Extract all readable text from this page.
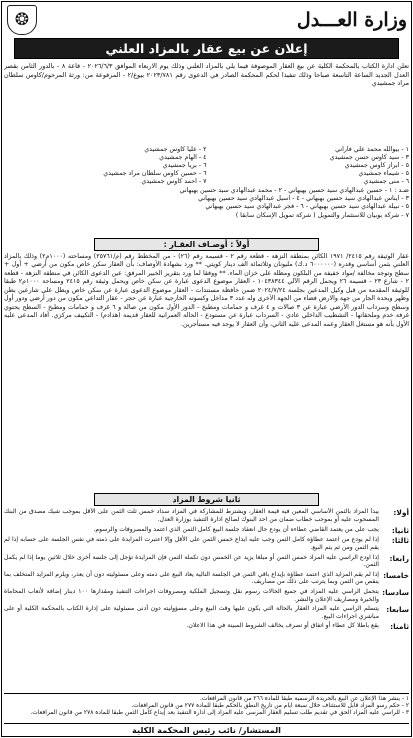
وزارة العـــدل
❂
إعلان عن بيع عقار بالمزاد العلني
تعلن ادارة الكتاب بالمحكمة الكلية عن بيع العقار الموصوفة فيما يلي بالمزاد العلني وذلك يوم الاربعاء الموافق ٢٠٢٦/٦/٣ - قاعة ٨ - بالدور الثامن بقصر العدل الجديد الساعة التاسعة صباحا وذلك تنفيذا لحكم المحكمة الصادر في الدعوى رقم ٢٠٢٣/٧٨١ بيوع/٢ - المرفوعة من: ورثة المرحوم/كاوس سلطان مراد جمشيدي
١ - بيوالله محمد علي فاراني
٢ - عليا كاوس جمشيدي
٣ - سيد كاوس حسن جمشيدي
٤ - الهام جمشيدي
٥ - ابراز كاوس جمشيدي
٦ - بريا جمشيدي
٥ - شيماء جمشيدي
٦ - حسين كاوس سلطان مراد جمشيدي
٦ - منى جمشيدي
٧ - أحمد كاوس جمشيدي
ضـد : ١ - حسين عبدالهادي سيد حسين بهبهاني - ٢ - محمد عبدالهادي سيد حسين بهبهاني
٣ - ايناس عبدالهادي سيد حسين بهبهاني - ٤ - اسيل عبدالهادي سيد حسين بهبهاني
٥ - نبيلة عبدالهادي سيد حسين بهبهاني - ٦ - فجر عبدالهادي سيد حسين بهبهاني
٧ - شركة بوبيان للاستثمار والتمويل ( شركة تمويل الإسكان سابقا )
أولاً : أوصـاف العقـار :
عقار الوثيقة رقم ٢٤١٥/ ١٩٧١ الكائن بمنطقة النزهة - قطعة رقم ٢ - قسيمة رقم (٢٦) - من المخطط رقم (م/٢٥٧٦١) ومساحته (١٠٠٠م٢) وذلك بالمزاد العلني بثمن أساسي وقدره (٦٠٠٠٠٠٠ د.ك) مليونان وثلاثمائة الف دينار كويتي. ** ورد بشهادة الأوصاف: بأن العقار سكن خاص مكون من أرضي + أول + سطح وتوجد مخالفة /مواد خفيفة من البلكون ومظلة على خزان الماء. ** ووفقا لما ورد بتقرير الخبير المرفق: عين الدعوى الكائن في منطقة النزهة - قطعة ٢ - شارع ٢٣ - قسيمة ٢٦ ويحمل الرقم الآلي ١٠٤٣٨٣٤٤ - العقار موضوع الدعوى عبارة عن سكن خاص ويحمل وثيقة رقم ٢٤١٥ ومساحة ١٠٠٠م٢ طبقا للوثيقة المقدمة من قبل وكيل المدعين بجلسة ٢٠٢٤/٧/٢٤ ضمن حافظة مستندات - العقار موضوع الدعوى عبارة عن سكن خاص ويطل على شارعين بطن وظهر ويحده الجار من جهة والارض فضاء من الجهة الأخرى وله عدد ٣ مداخل وكسوته الخارجية عبارة عن حجر - عقار التداعي مكون من دور أرضي ودور أول وسطح وسرداب الدور الأرضي عبارة عن ٣ صالات و ٤ غرف و حمامات ومطبخ - الدور الأول مكون من صالة و ٦ غرف و حمامات ومطبخ - السطح يحتوي غرفة خدم وملحقاتها - التشطيب الداخلي عادي - السرداب عبارة عن مستودع - الحالة العمرانية للعقار قديمة (هدادم) - التكييف مركزي. أفاد المدعى عليه الأول بأنه هو مستغل العقار وعمه المدعى عليه الثاني، وأن العقار لا يوجد فيه مستأجرين.
ثانيا شروط المزاد
أولا:
يبدأ المزاد بالثمن الأساسي المعين فيه قيمة العقار، ويشترط للمشاركة في المزاد سداد خمس ثلث الثمن على الأقل بموجب شيك مصدق من البنك المسحوب عليه أو بموجب خطاب ضمان من احد البنوك لصالح ادارة التنفيذ بوزارة العدل.
ثانيا:
يجب على من يعتمد القاضي عطاءه أن يودع حال انعقاد جلسة البيع كامل الثمن الذي اعتمد والمصروفات والرسوم.
ثالثا:
إذا لم يودع من اعتمد عطاؤه كامل الثمن وجب عليه ايداع خمس الثمن على الأقل وإلا اعتبرت المزايدة على ذمته في نفس الجلسة على حسابه إذا لم يقم الثمن ومن ثم يتم البيع.
رابعا:
إذا اودع الراسي عليه المزاد خمس الثمن أو مبلغا يزيد عن الخمس دون تكملة الثمن فإن المزايدة تؤجل إلى جلسة أخرى خلال ثلاثين يوما إذا لم يكمل الثمن.
خامسا:
إذا لم يقم المزايد الذي اعتمد عطاؤه بإيداع باقي الثمن في الجلسة التالية يعاد البيع على ذمته وعلى مسئوليته دون أن يعذر، ويلزم المزايد المتخلف بما ينقص من الثمن وبما يترتب على ذلك من مصاريف.
سادسا:
يتحمل الراسي عليه المزاد في جميع الحالات رسوم نقل وتسجيل الملكية ومصروفات اجراءات التنفيذ ومقدارها ١٠٠ دينار إضافة لأتعاب المحاماة والخبرة ومصاريف الإعلان والنشر.
سابعا:
يتسلم الراسي عليه المزاد العقار بالحالة التي يكون عليها وقت البيع وعلى مسؤوليته دون أدنى مسئولية على إدارة الكتاب بالمحكمة الكلية أو على مباشري اجراءات البيع.
ثامنا:
يقع باطلا كل عطاء أو اتفاق أو تصرف يخالف الشروط المبينة في هذا الاعلان.
١ - ينشر هذا الإعلان عن البيع بالجريدة الرسمية طبقا للمادة ٢٦٦ من قانون المرافعات.
٢ - حكم رسو المزاد قابل للاستئناف خلال سبعة ايام من تاريخ النطق بالحكم طبقا للمادة ٢٧٧ من قانون المرافعات.
٣ - للراسي عليه المزاد الحق في تقديم طلب تسليم العقار المرسى عليه المزاد إلى ادارة التنفيذ بعد إيداع كامل الثمن طبقا للمادة ٢٧٨ من قانون المرافعات.
المستشار/ نائب رئيس المحكمة الكلية
